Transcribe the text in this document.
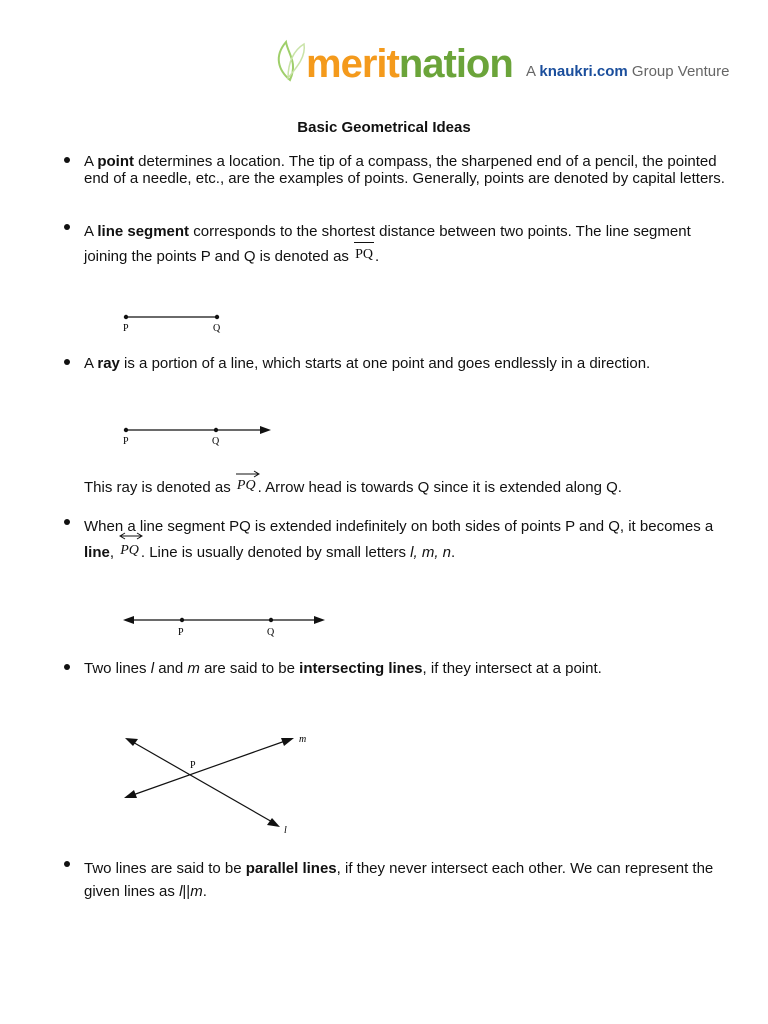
meritnation A knaukri.com Group Venture
Basic Geometrical Ideas
A point determines a location. The tip of a compass, the sharpened end of a pencil, the pointed end of a needle, etc., are the examples of points. Generally, points are denoted by capital letters.
A line segment corresponds to the shortest distance between two points. The line segment joining the points P and Q is denoted as
PQ .
P	Q
A ray is a portion of a line, which starts at one point and goes endlessly in a direction.
P	Q
This ray is denoted as
PQ . Arrow head is towards Q since it is extended along Q.
When a line segment PQ is extended indefinitely on both sides of points P and Q, it becomes a line,
PQ . Line is usually denoted by small letters l, m, n.
P	Q
Two lines l and m are said to be intersecting lines, if they intersect at a point.
P
m
l
Two lines are said to be parallel lines, if they never intersect each other. We can represent the given lines as l||m.
